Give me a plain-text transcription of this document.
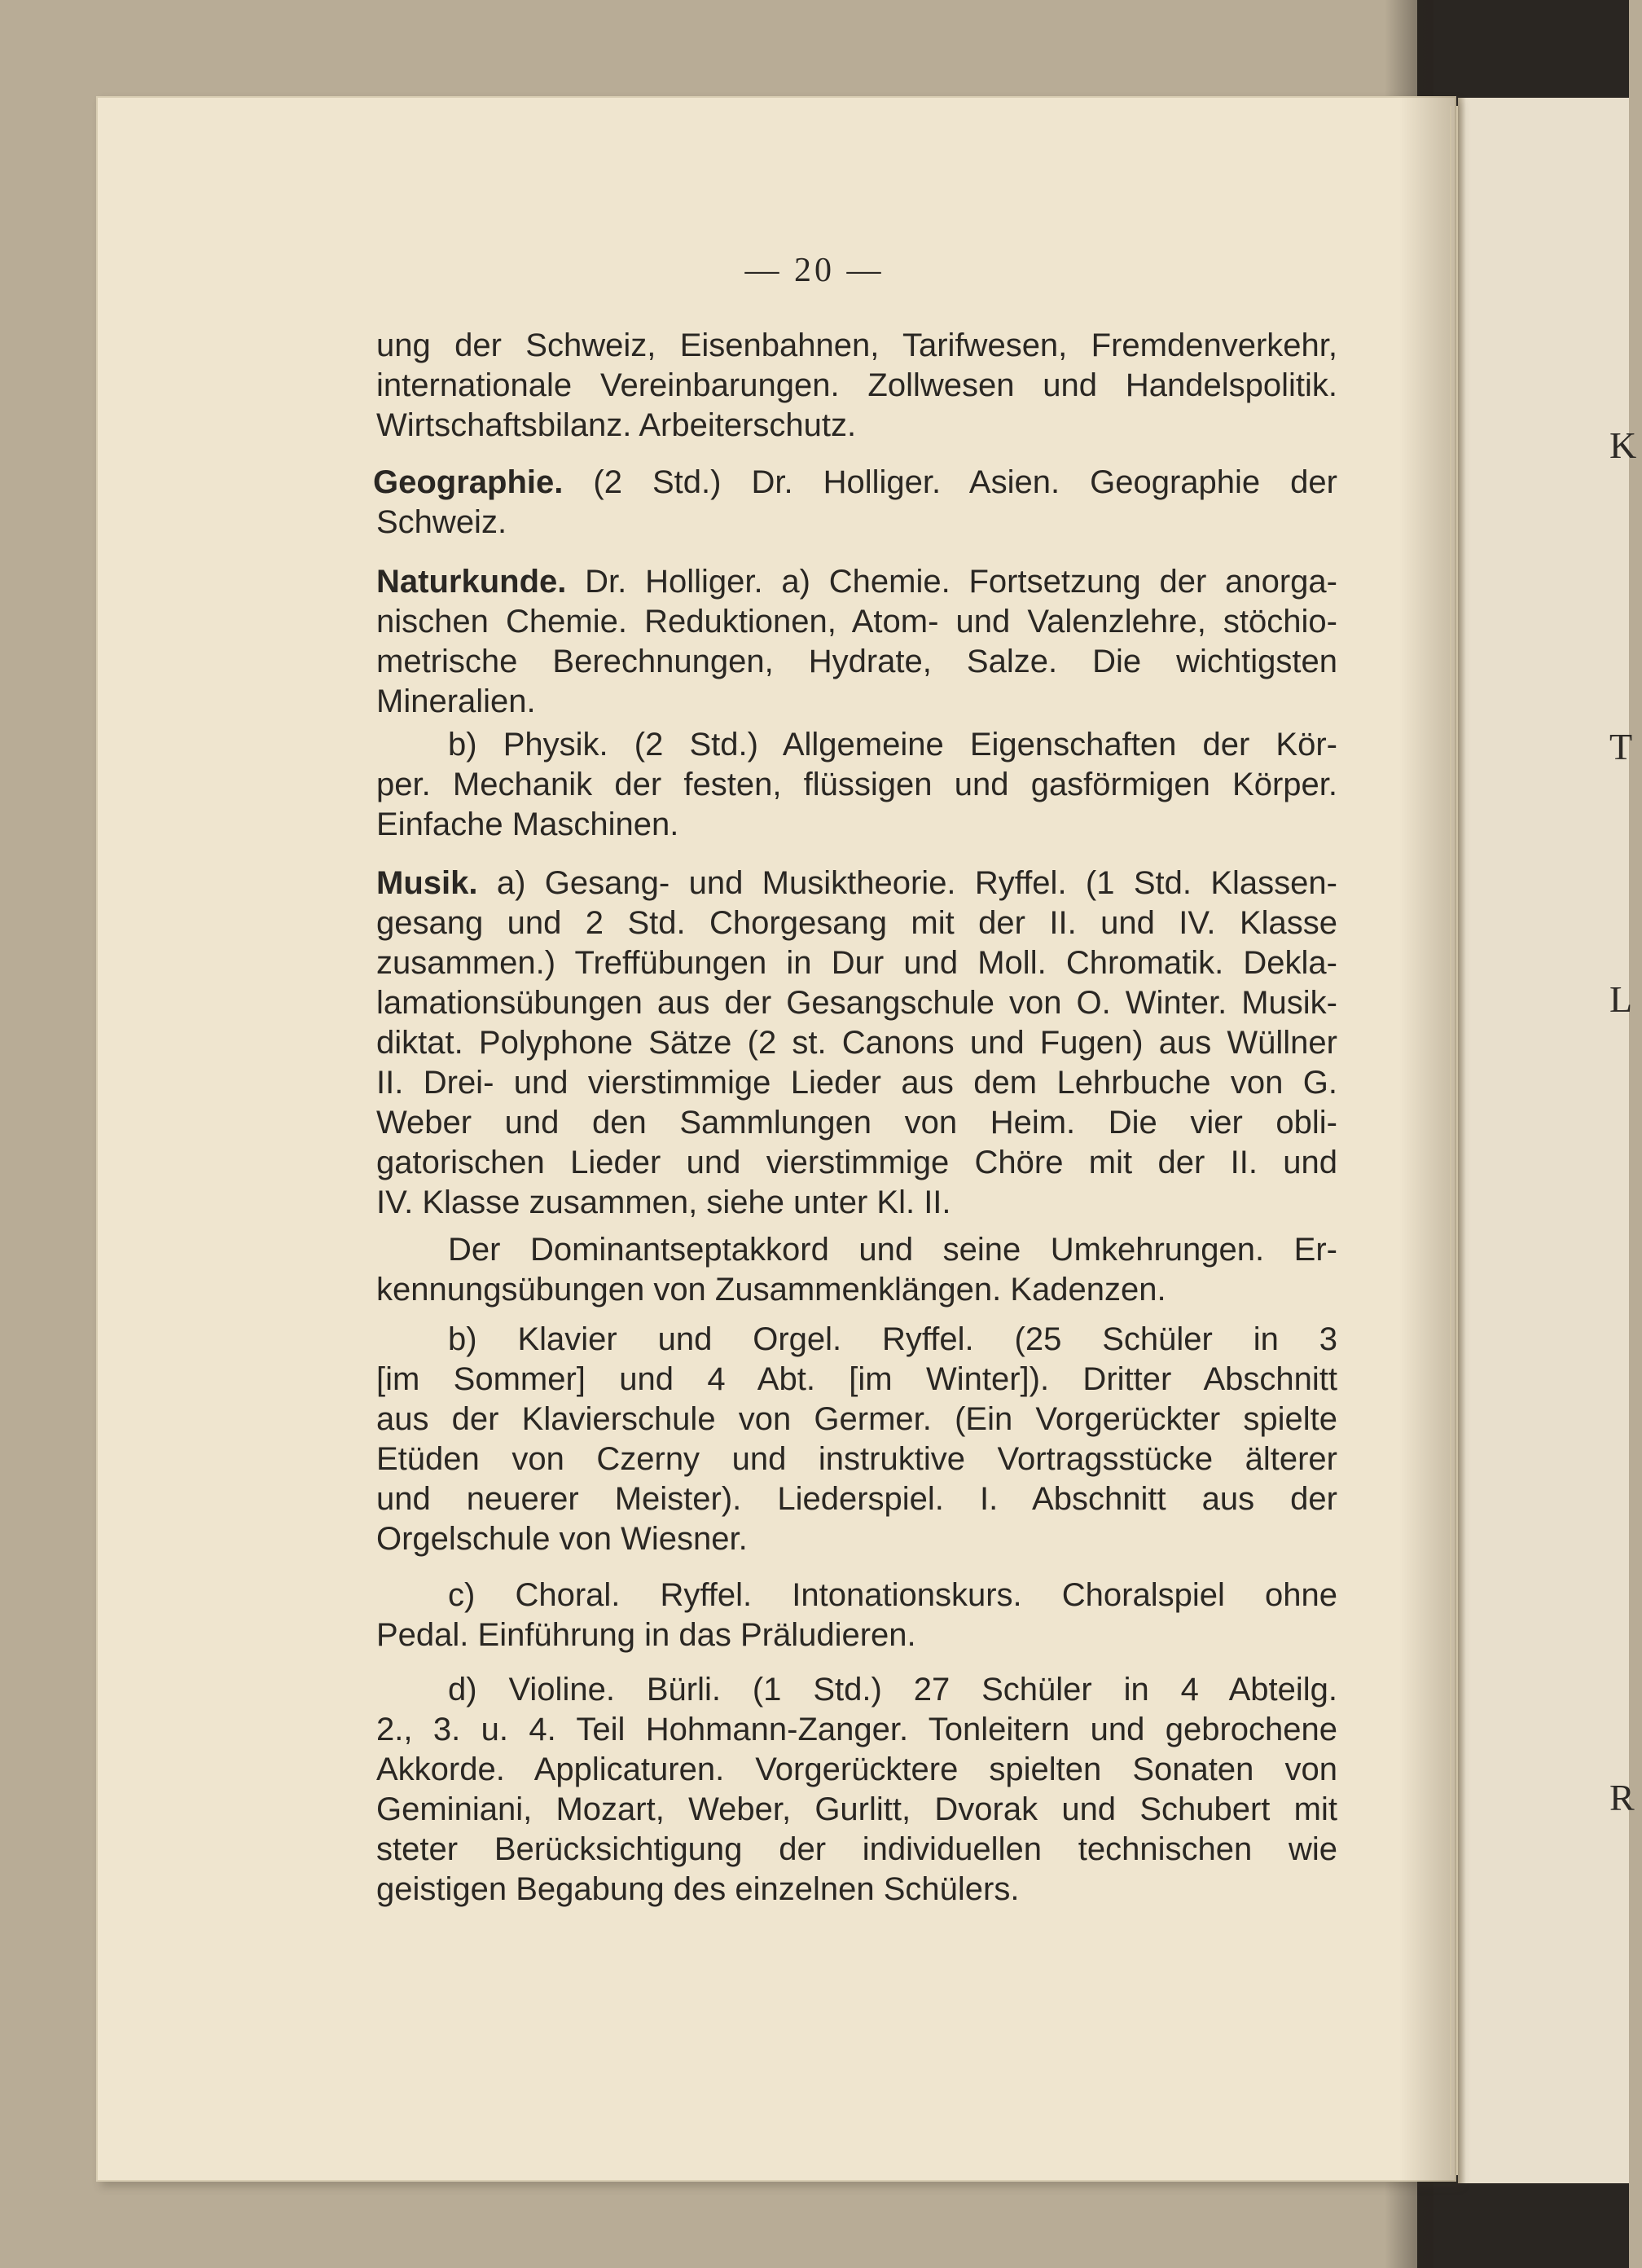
K
T
L
R
— 20 —
ung der Schweiz, Eisenbahnen, Tarifwesen, Fremdenverkehr,
internationale Vereinbarungen. Zollwesen und Handelspolitik.
Wirtschaftsbilanz. Arbeiterschutz.
Geographie. (2 Std.) Dr. Holliger. Asien. Geographie der
Schweiz.
Naturkunde. Dr. Holliger. a) Chemie. Fortsetzung der anorga-
nischen Chemie. Reduktionen, Atom- und Valenzlehre, stöchio-
metrische Berechnungen, Hydrate, Salze. Die wichtigsten
Mineralien.
b) Physik. (2 Std.) Allgemeine Eigenschaften der Kör-
per. Mechanik der festen, flüssigen und gasförmigen Körper.
Einfache Maschinen.
Musik. a) Gesang- und Musiktheorie. Ryffel. (1 Std. Klassen-
gesang und 2 Std. Chorgesang mit der II. und IV. Klasse
zusammen.) Treffübungen in Dur und Moll. Chromatik. Dekla-
lamationsübungen aus der Gesangschule von O. Winter. Musik-
diktat. Polyphone Sätze (2 st. Canons und Fugen) aus Wüllner
II. Drei- und vierstimmige Lieder aus dem Lehrbuche von G.
Weber und den Sammlungen von Heim. Die vier obli-
gatorischen Lieder und vierstimmige Chöre mit der II. und
IV. Klasse zusammen, siehe unter Kl. II.
Der Dominantseptakkord und seine Umkehrungen. Er-
kennungsübungen von Zusammenklängen. Kadenzen.
b) Klavier und Orgel. Ryffel. (25 Schüler in 3
[im Sommer] und 4 Abt. [im Winter]). Dritter Abschnitt
aus der Klavierschule von Germer. (Ein Vorgerückter spielte
Etüden von Czerny und instruktive Vortragsstücke älterer
und neuerer Meister). Liederspiel. I. Abschnitt aus der
Orgelschule von Wiesner.
c) Choral. Ryffel. Intonationskurs. Choralspiel ohne
Pedal. Einführung in das Präludieren.
d) Violine. Bürli. (1 Std.) 27 Schüler in 4 Abteilg.
2., 3. u. 4. Teil Hohmann-Zanger. Tonleitern und gebrochene
Akkorde. Applicaturen. Vorgerücktere spielten Sonaten von
Geminiani, Mozart, Weber, Gurlitt, Dvorak und Schubert mit
steter Berücksichtigung der individuellen technischen wie
geistigen Begabung des einzelnen Schülers.
